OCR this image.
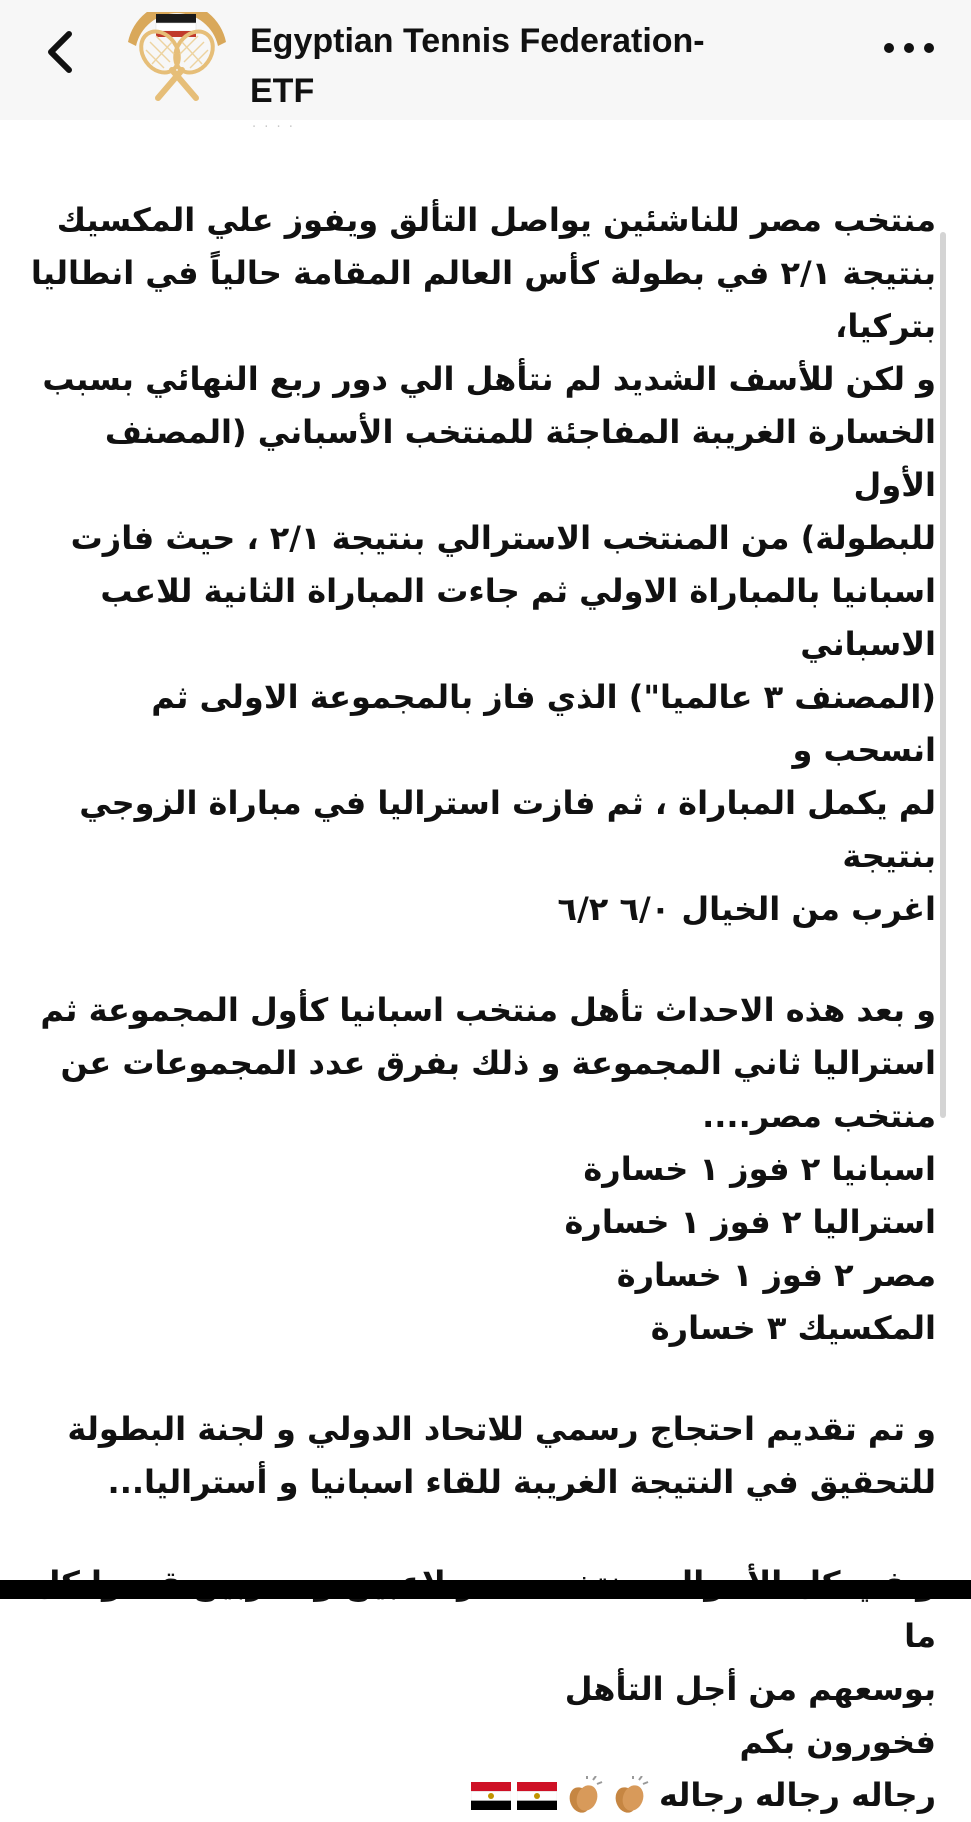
Egyptian Tennis Federation-
ETF
· · · ·

منتخب مصر للناشئين يواصل التألق ويفوز علي المكسيك
بنتيجة ٢/١ في بطولة كأس العالم المقامة حالياً في انطاليا
بتركيا،
و لكن للأسف الشديد لم نتأهل الي دور ربع النهائي بسبب
الخسارة الغريبة المفاجئة للمنتخب الأسباني (المصنف الأول
للبطولة) من المنتخب الاسترالي بنتيجة ٢/١ ، حيث فازت
اسبانيا بالمباراة الاولي ثم جاءت المباراة الثانية للاعب الاسباني
(المصنف ٣ عالميا") الذي فاز بالمجموعة الاولى ثم انسحب و
لم يكمل المباراة ، ثم فازت استراليا في مباراة الزوجي بنتيجة
اغرب من الخيال ٦/٠ ٦/٢

و بعد هذه الاحداث تأهل منتخب اسبانيا كأول المجموعة ثم
استراليا ثاني المجموعة و ذلك بفرق عدد المجموعات عن
منتخب مصر....
اسبانيا ٢ فوز ١ خسارة
استراليا ٢ فوز ١ خسارة
مصر ٢ فوز ١ خسارة
المكسيك ٣ خسارة

و تم تقديم احتجاج رسمي للاتحاد الدولي و لجنة البطولة
للتحقيق في النتيجة الغريبة للقاء اسبانيا و أستراليا...

ما
بوسعهم من أجل التأهل
فخورون بكم

رجاله رجاله رجاله
